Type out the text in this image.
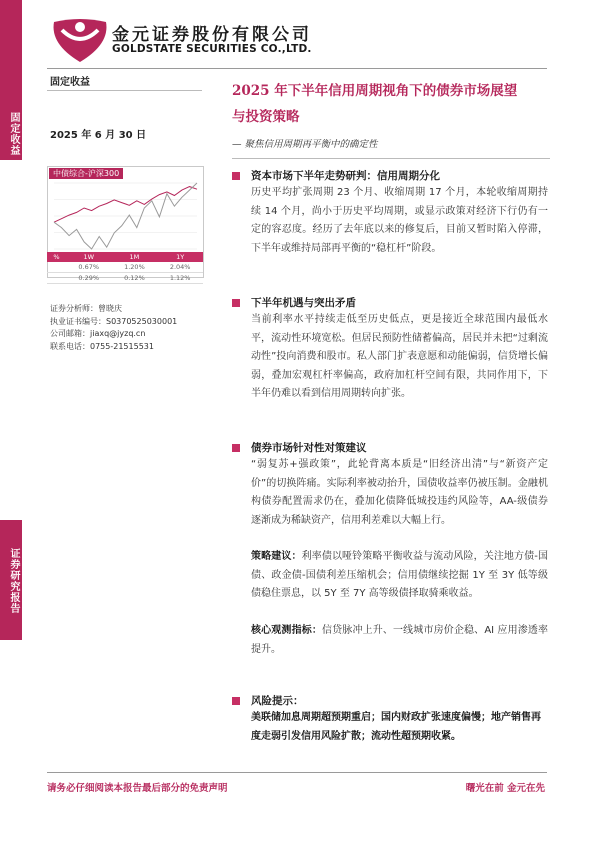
固定收益
证券研究报告
金元证券股份有限公司
GOLDSTATE SECURITIES CO.,LTD.
固定收益
2025 年 6 月 30 日
中债综合-沪深300
%	1W	1M	1Y
	0.67%	1.20%	2.04%
	0.29%	0.12%	1.12%
证券分析师：曾晓庆
执业证书编号：S0370525030001
公司邮箱：jiaxq@jyzq.cn
联系电话：0755-21515531
2025 年下半年信用周期视角下的债券市场展望
与投资策略
— 聚焦信用周期再平衡中的确定性
资本市场下半年走势研判：信用周期分化
历史平均扩张周期 23 个月、收缩周期 17 个月，本轮收缩周期持续 14 个月，尚小于历史平均周期，或显示政策对经济下行仍有一定的容忍度。经历了去年底以来的修复后，目前又暂时陷入停滞，下半年或维持局部再平衡的“稳杠杆”阶段。
下半年机遇与突出矛盾
当前利率水平持续走低至历史低点，更是接近全球范围内最低水平，流动性环境宽松。但居民预防性储蓄偏高，居民并未把“过剩流动性”投向消费和股市。私人部门扩表意愿和动能偏弱，信贷增长偏弱，叠加宏观杠杆率偏高，政府加杠杆空间有限，共同作用下，下半年仍难以看到信用周期转向扩张。
债券市场针对性对策建议
“弱复苏+强政策”，此轮背离本质是“旧经济出清”与“新资产定价”的切换阵痛。实际利率被动抬升，国债收益率仍被压制。金融机构债券配置需求仍在，叠加化债降低城投违约风险等，AA-级债券逐渐成为稀缺资产，信用利差难以大幅上行。
策略建议：利率债以哑铃策略平衡收益与流动风险，关注地方债-国债、政金债-国债利差压缩机会；信用债继续挖掘 1Y 至 3Y 低等级债稳住票息，以 5Y 至 7Y 高等级债择取骑乘收益。
核心观测指标：信贷脉冲上升、一线城市房价企稳、AI 应用渗透率提升。
风险提示：
美联储加息周期超预期重启；国内财政扩张速度偏慢；地产销售再度走弱引发信用风险扩散；流动性超预期收紧。
请务必仔细阅读本报告最后部分的免责声明	曙光在前 金元在先
